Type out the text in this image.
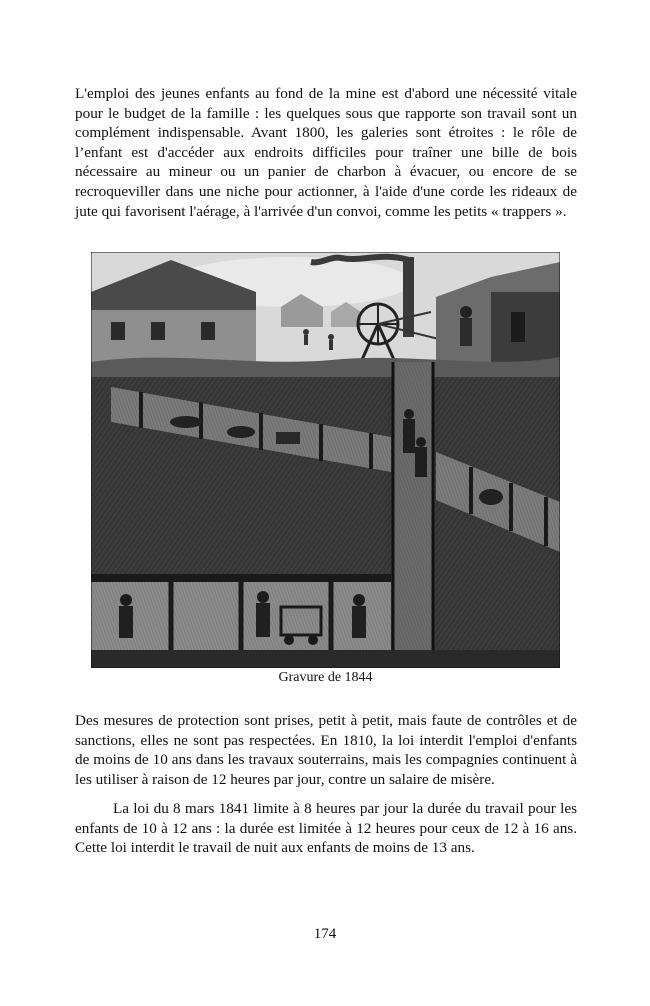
L'emploi des jeunes enfants au fond de la mine est d'abord une nécessité vitale pour le budget de la famille : les quelques sous que rapporte son travail sont un complément indispensable. Avant 1800, les galeries sont étroites : le rôle de l’enfant est d'accéder aux endroits difficiles pour traîner une bille de bois nécessaire au mineur ou un panier de charbon à évacuer, ou encore de se recroqueviller dans une niche pour actionner, à l'aide d'une corde les rideaux de jute qui favorisent l'aérage, à l'arrivée d'un convoi, comme les petits « trappers ».

Gravure de 1844

Des mesures de protection sont prises, petit à petit, mais faute de contrôles et de sanctions, elles ne sont pas respectées. En 1810, la loi interdit l'emploi d'enfants de moins de 10 ans dans les travaux souterrains, mais les compagnies continuent à les utiliser à raison de 12 heures par jour, contre un salaire de misère.

La loi du 8 mars 1841 limite à 8 heures par jour la durée du travail pour les enfants de 10 à 12 ans : la durée est limitée à 12 heures pour ceux de 12 à 16 ans. Cette loi interdit le travail de nuit aux enfants de moins de 13 ans.

174
